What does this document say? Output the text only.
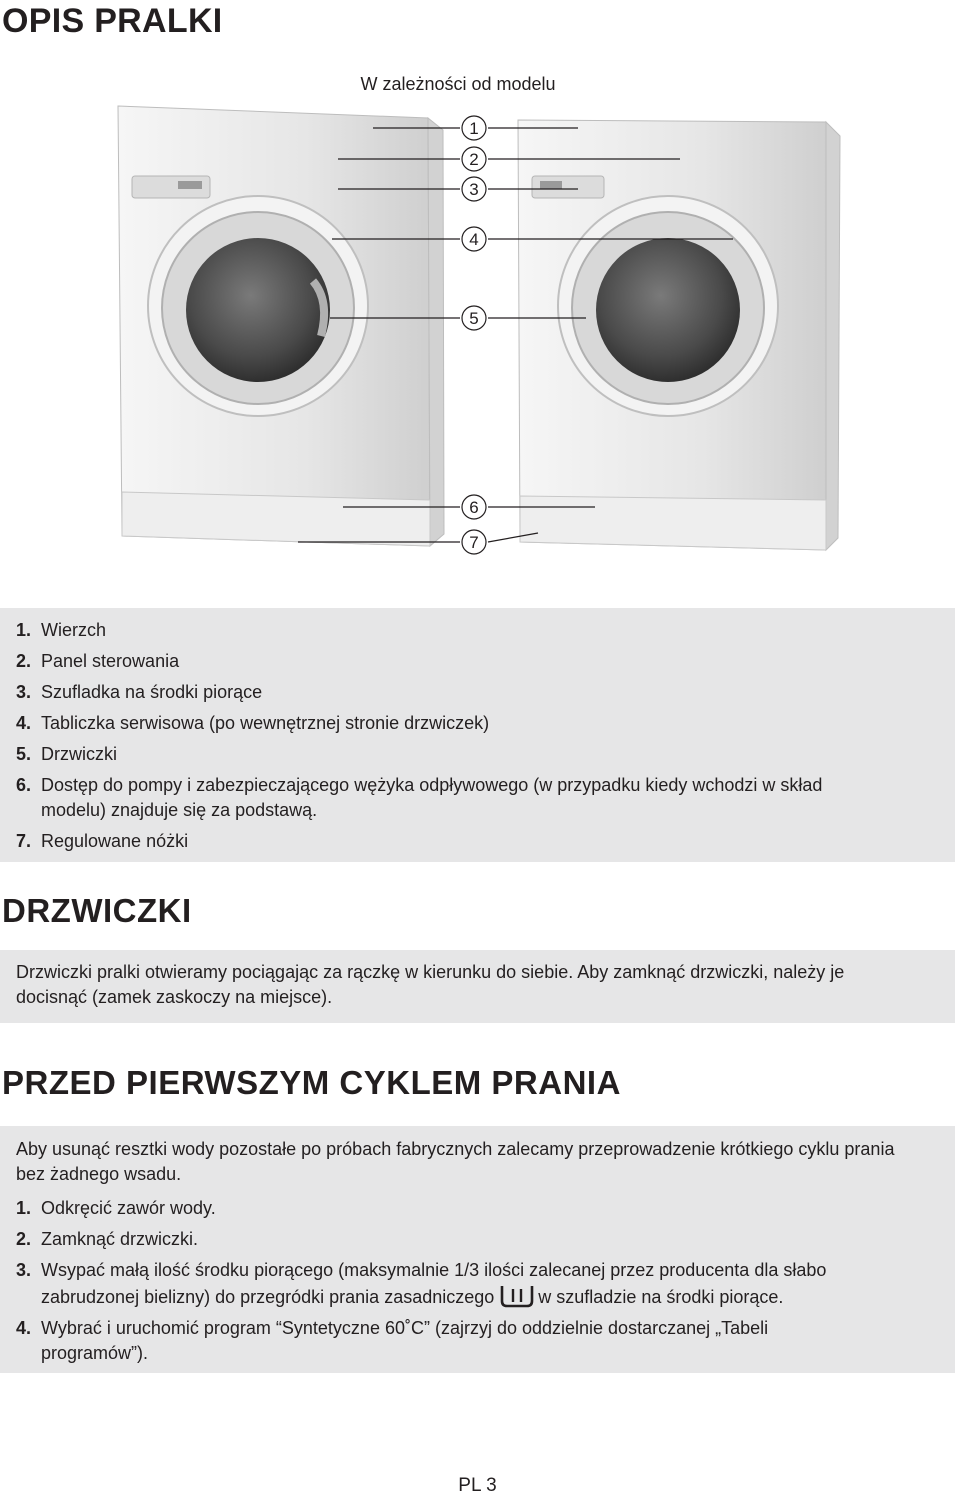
OPIS PRALKI
W zależności od modelu
1
2
3
4
5
6
7
1. Wierzch
2. Panel sterowania
3. Szufladka na środki piorące
4. Tabliczka serwisowa (po wewnętrznej stronie drzwiczek)
5. Drzwiczki
6. Dostęp do pompy i zabezpieczającego wężyka odpływowego (w przypadku kiedy wchodzi w skład modelu) znajduje się za podstawą.
7. Regulowane nóżki
DRZWICZKI

Drzwiczki pralki otwieramy pociągając za rączkę w kierunku do siebie. Aby zamknąć drzwiczki, należy je docisnąć (zamek zaskoczy na miejsce).

PRZED PIERWSZYM CYKLEM PRANIA

Aby usunąć resztki wody pozostałe po próbach fabrycznych zalecamy przeprowadzenie krótkiego cyklu prania bez żadnego wsadu.

1. Odkręcić zawór wody.
2. Zamknąć drzwiczki.
3. Wsypać małą ilość środku piorącego (maksymalnie 1/3 ilości zalecanej przez producenta dla słabo zabrudzonej bielizny) do przegródki prania zasadniczego w szufladzie na środki piorące.
4. Wybrać i uruchomić program “Syntetyczne 60˚C” (zajrzyj do oddzielnie dostarczanej „Tabeli programów”).
PL 3
